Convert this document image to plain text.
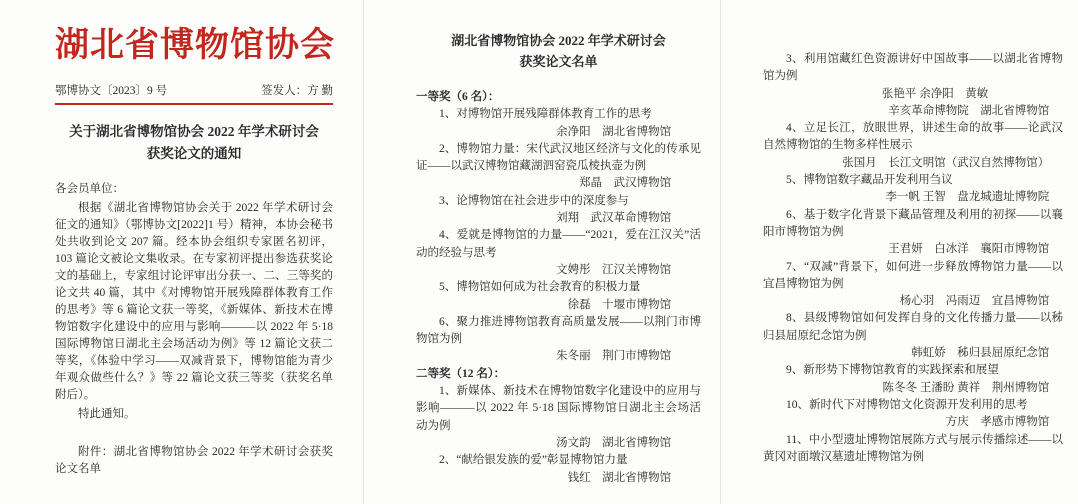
湖北省博物馆协会
鄂博协文〔2023〕9 号	签发人：方 勤
关于湖北省博物馆协会 2022 年学术研讨会
获奖论文的通知
各会员单位：

根据《湖北省博物馆协会关于 2022 年学术研讨会征文的通知》（鄂博协文[2022]1 号）精神，本协会秘书处共收到论文 207 篇。经本协会组织专家匿名初评，103 篇论文被论文集收录。在专家初评提出参选获奖论文的基础上，专家组讨论评审出分获一、二、三等奖的论文共 40 篇，其中《对博物馆开展残障群体教育工作的思考》等 6 篇论文获一等奖，《新媒体、新技术在博物馆数字化建设中的应用与影响———以 2022 年 5·18 国际博物馆日湖北主会场活动为例》等 12 篇论文获二等奖，《体验中学习——双减背景下，博物馆能为青少年观众做些什么？》等 22 篇论文获三等奖（获奖名单附后）。

特此通知。
附件：湖北省博物馆协会 2022 年学术研讨会获奖论文名单
湖北省博物馆协会 2022 年学术研讨会
获奖论文名单
一等奖（6 名）：
1、对博物馆开展残障群体教育工作的思考
余净阳　湖北省博物馆
2、博物馆力量：宋代武汉地区经济与文化的传承见证——以武汉博物馆藏湖泗窑瓷瓜棱执壶为例
郑晶　武汉博物馆
3、论博物馆在社会进步中的深度参与
刘翔　武汉革命博物馆
4、爱就是博物馆的力量——“2021，爱在江汉关”活动的经验与思考
文娉彤　江汉关博物馆
5、博物馆如何成为社会教育的积极力量
徐磊　十堰市博物馆
6、聚力推进博物馆教育高质量发展——以荆门市博物馆为例
朱冬丽　荆门市博物馆
二等奖（12 名）：
1、新媒体、新技术在博物馆数字化建设中的应用与影响———以 2022 年 5·18 国际博物馆日湖北主会场活动为例
汤文韵　湖北省博物馆
2、“献给银发族的爱”彰显博物馆力量
钱红　湖北省博物馆
3、利用馆藏红色资源讲好中国故事——以湖北省博物馆为例
张艳平 余净阳　黄敏
辛亥革命博物院　湖北省博物馆
4、立足长江，放眼世界，讲述生命的故事——论武汉自然博物馆的生物多样性展示
张国月　长江文明馆（武汉自然博物馆）
5、博物馆数字藏品开发利用刍议
李一帆 王智　盘龙城遗址博物院
6、基于数字化背景下藏品管理及利用的初探——以襄阳市博物馆为例
王君妍　白冰洋　襄阳市博物馆
7、“双减”背景下，如何进一步释放博物馆力量——以宜昌博物馆为例
杨心羽　冯雨迈　宜昌博物馆
8、县级博物馆如何发挥自身的文化传播力量——以秭归县屈原纪念馆为例
韩虹娇　秭归县屈原纪念馆
9、新形势下博物馆教育的实践探索和展望
陈冬冬 王潘盼 黄祥　荆州博物馆
10、新时代下对博物馆文化资源开发利用的思考
方庆　孝感市博物馆
11、中小型遗址博物馆展陈方式与展示传播综述——以黄冈对面墩汉墓遗址博物馆为例
